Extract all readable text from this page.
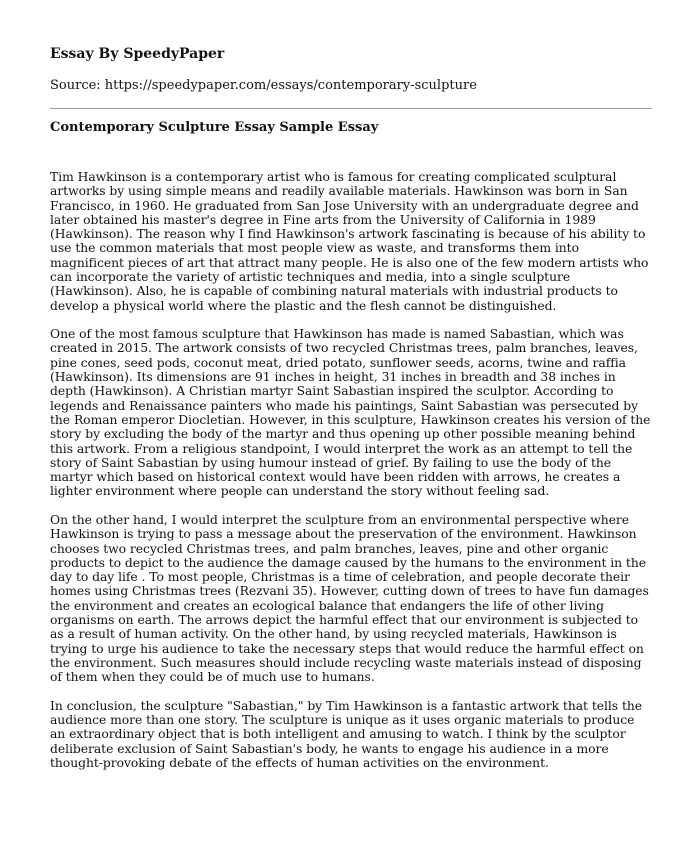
Essay By SpeedyPaper
Source: https://speedypaper.com/essays/contemporary-sculpture
Contemporary Sculpture Essay Sample Essay

Tim Hawkinson is a contemporary artist who is famous for creating complicated sculptural artworks by using simple means and readily available materials. Hawkinson was born in San Francisco, in 1960. He graduated from San Jose University with an undergraduate degree and later obtained his master's degree in Fine arts from the University of California in 1989 (Hawkinson). The reason why I find Hawkinson's artwork fascinating is because of his ability to use the common materials that most people view as waste, and transforms them into magnificent pieces of art that attract many people. He is also one of the few modern artists who can incorporate the variety of artistic techniques and media, into a single sculpture (Hawkinson). Also, he is capable of combining natural materials with industrial products to develop a physical world where the plastic and the flesh cannot be distinguished.

One of the most famous sculpture that Hawkinson has made is named Sabastian, which was created in 2015. The artwork consists of two recycled Christmas trees, palm branches, leaves, pine cones, seed pods, coconut meat, dried potato, sunflower seeds, acorns, twine and raffia (Hawkinson). Its dimensions are 91 inches in height, 31 inches in breadth and 38 inches in depth (Hawkinson). A Christian martyr Saint Sabastian inspired the sculptor. According to legends and Renaissance painters who made his paintings, Saint Sabastian was persecuted by the Roman emperor Diocletian. However, in this sculpture, Hawkinson creates his version of the story by excluding the body of the martyr and thus opening up other possible meaning behind this artwork. From a religious standpoint, I would interpret the work as an attempt to tell the story of Saint Sabastian by using humour instead of grief. By failing to use the body of the martyr which based on historical context would have been ridden with arrows, he creates a lighter environment where people can understand the story without feeling sad.

On the other hand, I would interpret the sculpture from an environmental perspective where Hawkinson is trying to pass a message about the preservation of the environment. Hawkinson chooses two recycled Christmas trees, and palm branches, leaves, pine and other organic products to depict to the audience the damage caused by the humans to the environment in the day to day life . To most people, Christmas is a time of celebration, and people decorate their homes using Christmas trees (Rezvani 35). However, cutting down of trees to have fun damages the environment and creates an ecological balance that endangers the life of other living organisms on earth. The arrows depict the harmful effect that our environment is subjected to as a result of human activity. On the other hand, by using recycled materials, Hawkinson is trying to urge his audience to take the necessary steps that would reduce the harmful effect on the environment. Such measures should include recycling waste materials instead of disposing of them when they could be of much use to humans.

In conclusion, the sculpture "Sabastian," by Tim Hawkinson is a fantastic artwork that tells the audience more than one story. The sculpture is unique as it uses organic materials to produce an extraordinary object that is both intelligent and amusing to watch. I think by the sculptor deliberate exclusion of Saint Sabastian's body, he wants to engage his audience in a more thought-provoking debate of the effects of human activities on the environment.
